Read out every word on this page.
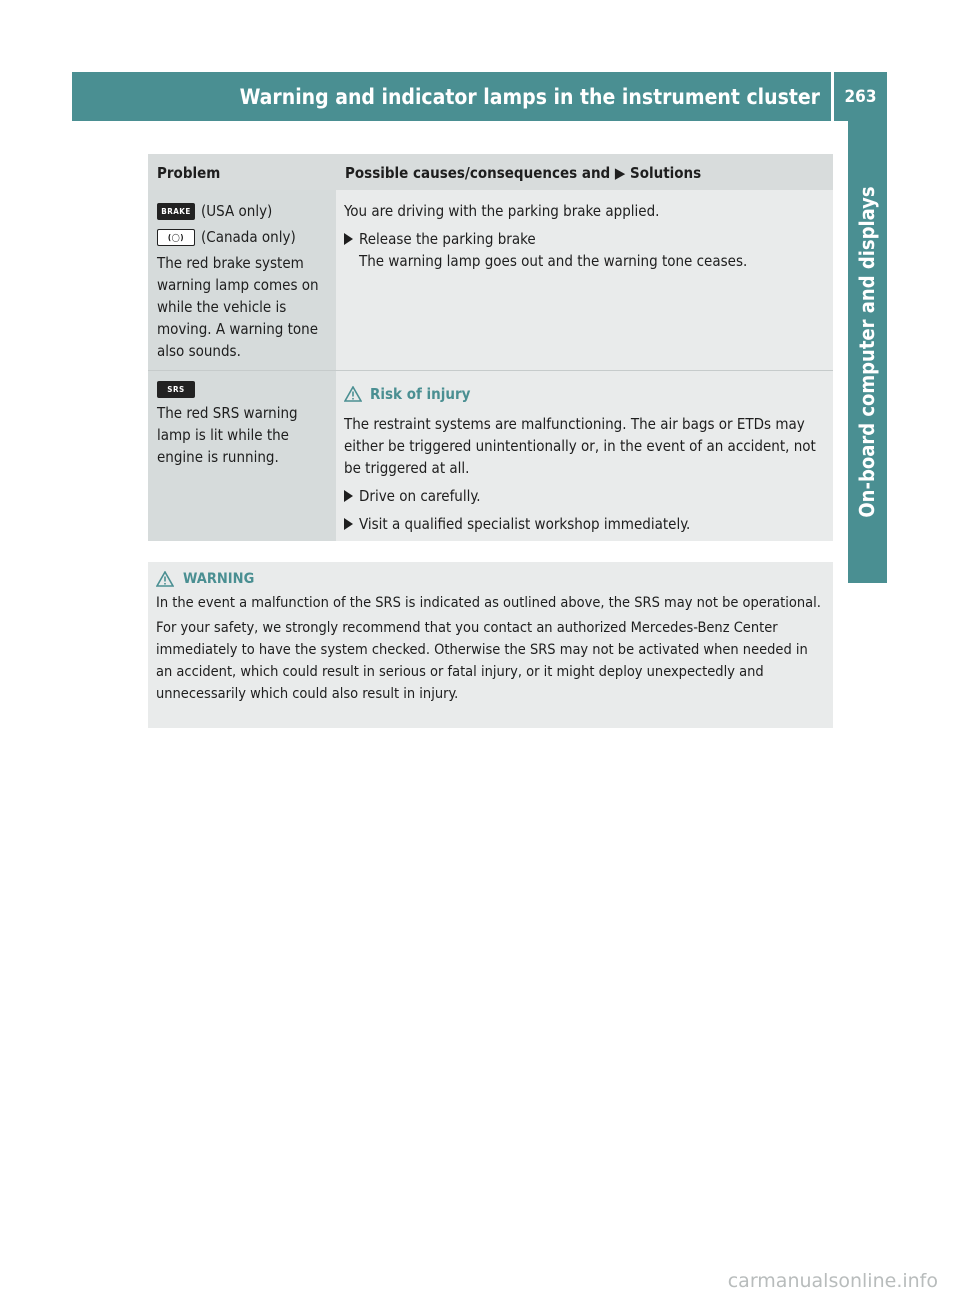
Warning and indicator lamps in the instrument cluster 263
On-board computer and displays
Problem	Possible causes/consequences and ▶ Solutions
BRAKE (USA only)
(◯)	(Canada only)

The red brake system warning lamp comes on while the vehicle is moving. A warning tone also sounds.

You are driving with the parking brake applied.

Release the parking brake
The warning lamp goes out and the warning tone ceases.
SRS

The red SRS warning lamp is lit while the engine is running.

Risk of injury

The restraint systems are malfunctioning. The air bags or ETDs may either be triggered unintentionally or, in the event of an accident, not be triggered at all.

Drive on carefully.
Visit a qualified specialist workshop immediately.
WARNING

In the event a malfunction of the SRS is indicated as outlined above, the SRS may not be operational.

For your safety, we strongly recommend that you contact an authorized Mercedes-Benz Center immediately to have the system checked. Otherwise the SRS may not be activated when needed in an accident, which could result in serious or fatal injury, or it might deploy unexpectedly and unnecessarily which could also result in injury.

carmanualsonline.info
